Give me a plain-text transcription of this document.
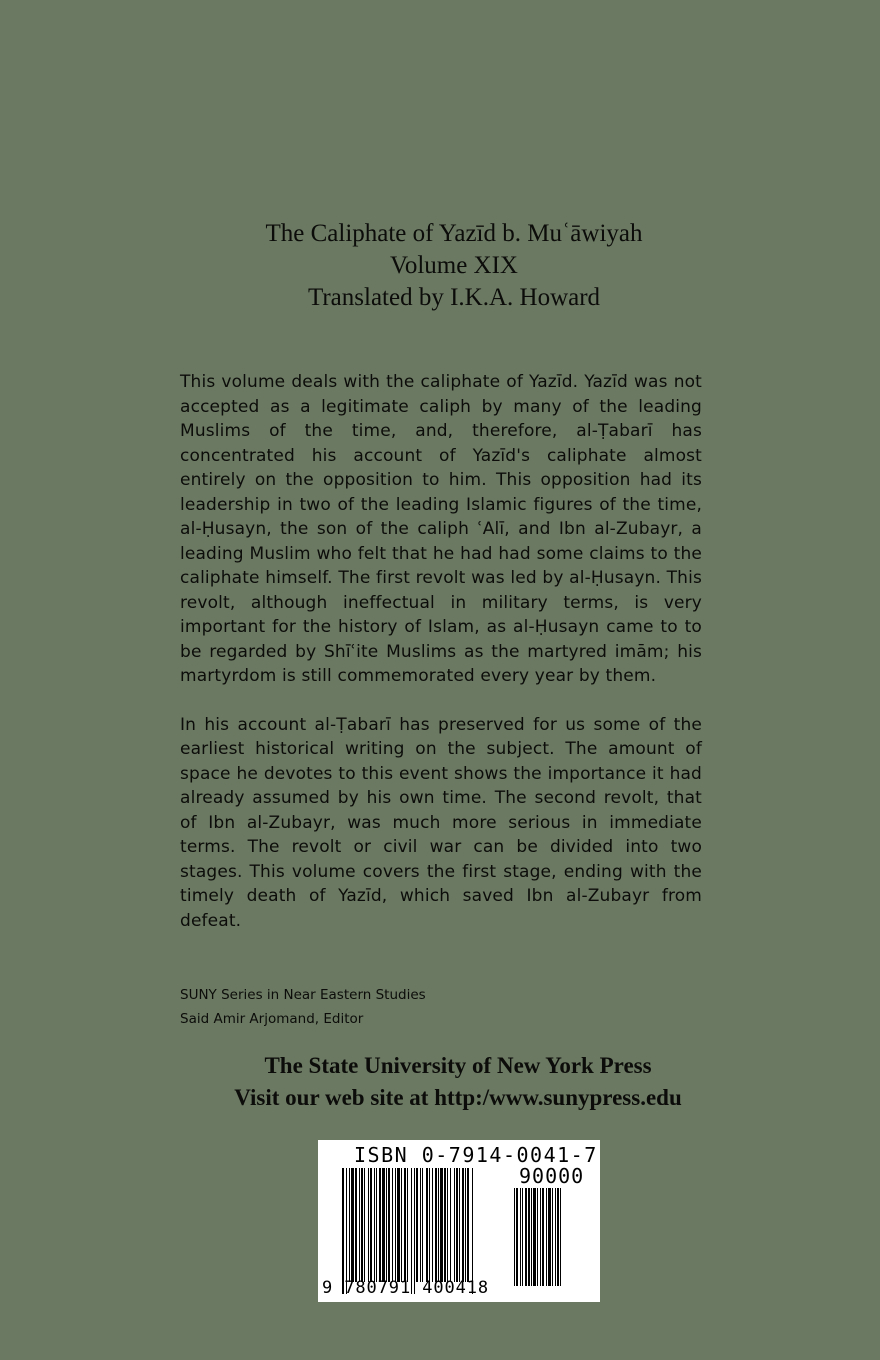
The Caliphate of Yazīd b. Muʿāwiyah
Volume XIX
Translated by I.K.A. Howard

This volume deals with the caliphate of Yazīd. Yazīd was not accepted as a legitimate caliph by many of the leading Muslims of the time, and, therefore, al-Ṭabarī has concentrated his account of Yazīd's caliphate almost entirely on the opposition to him. This opposition had its leadership in two of the leading Islamic figures of the time, al-Ḥusayn, the son of the caliph ʿAlī, and Ibn al-Zubayr, a leading Muslim who felt that he had had some claims to the caliphate himself. The first revolt was led by al-Ḥusayn. This revolt, although ineffectual in military terms, is very important for the history of Islam, as al-Ḥusayn came to to be regarded by Shīʿite Muslims as the martyred imām; his martyrdom is still commemorated every year by them.

In his account al-Ṭabarī has preserved for us some of the earliest historical writing on the subject. The amount of space he devotes to this event shows the importance it had already assumed by his own time. The second revolt, that of Ibn al-Zubayr, was much more serious in immediate terms. The revolt or civil war can be divided into two stages. This volume covers the first stage, ending with the timely death of Yazīd, which saved Ibn al-Zubayr from defeat.

SUNY Series in Near Eastern Studies
Said Amir Arjomand, Editor
The State University of New York Press
Visit our web site at http:/www.sunypress.edu
ISBN 0-7914-0041-7
90000
9 780791 400418
